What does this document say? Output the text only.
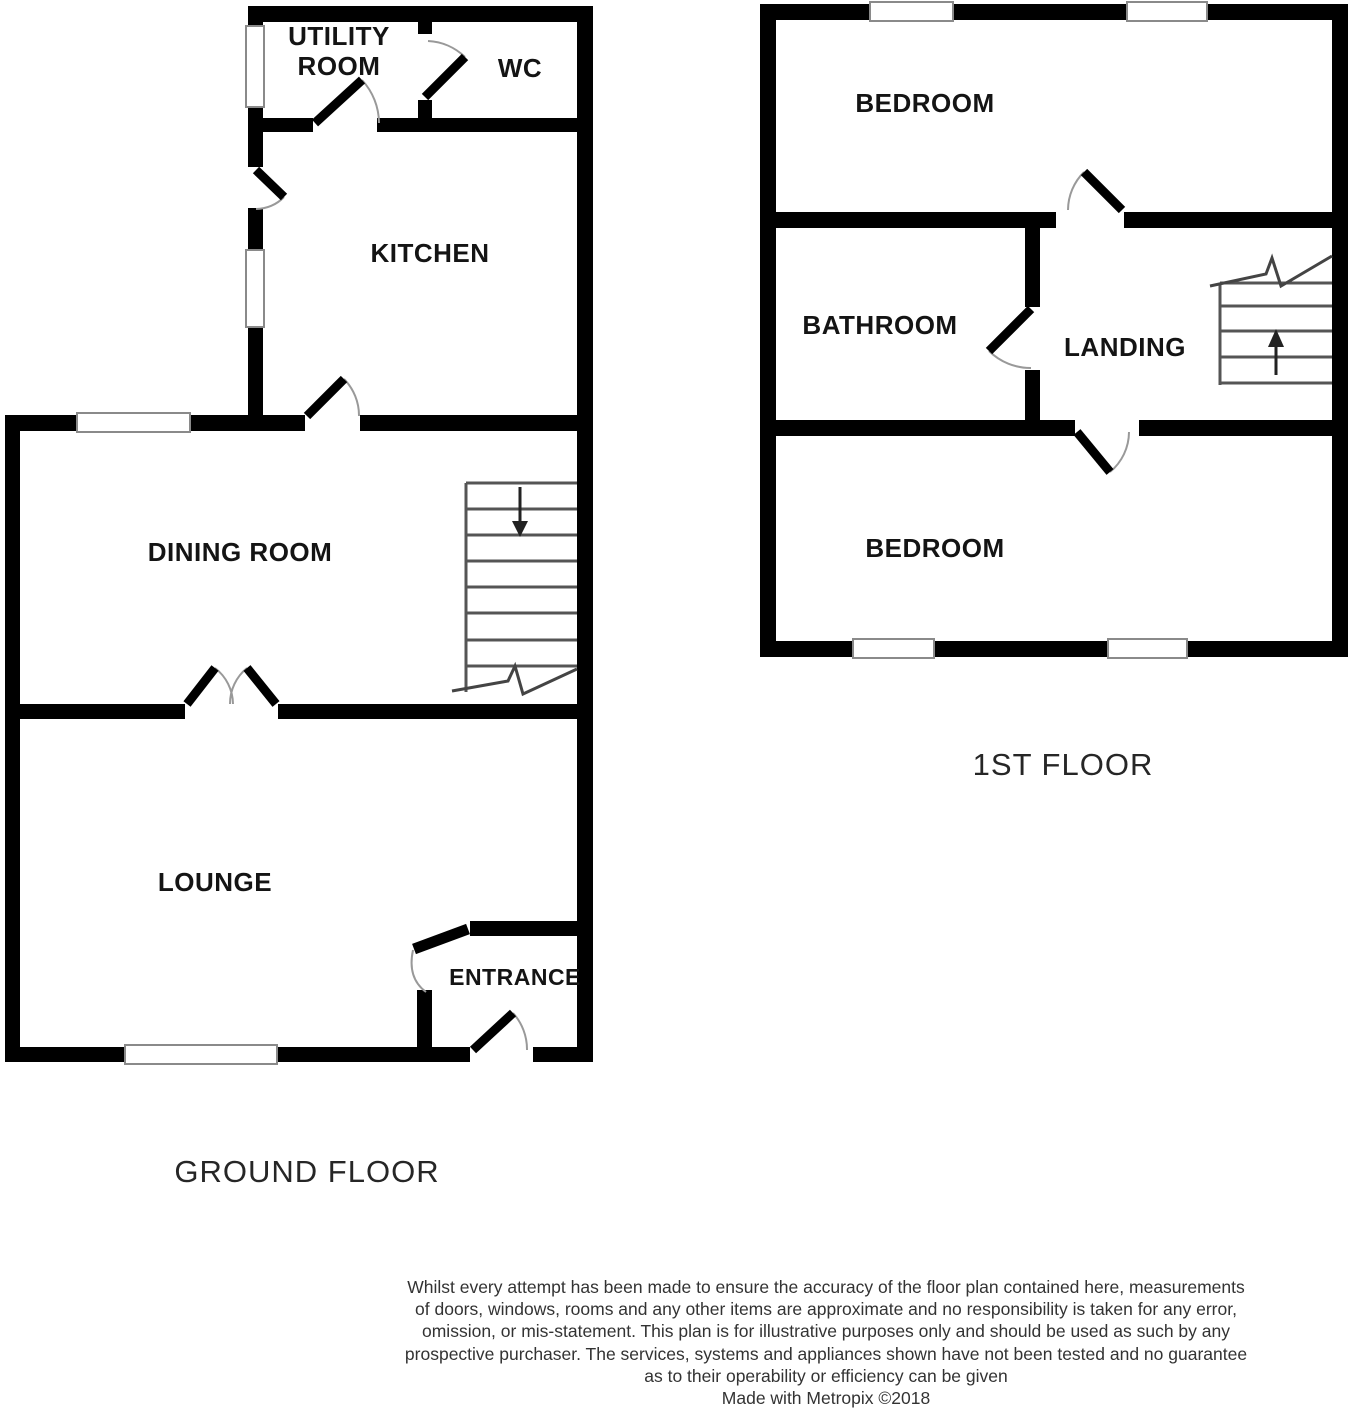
UTILITY ROOM	WC
KITCHEN
DINING ROOM
LOUNGE
ENTRANCE
BEDROOM
BATHROOM
LANDING
BEDROOM
GROUND FLOOR
1ST FLOOR
Whilst every attempt has been made to ensure the accuracy of the floor plan contained here, measurements
of doors, windows, rooms and any other items are approximate and no responsibility is taken for any error,
omission, or mis-statement. This plan is for illustrative purposes only and should be used as such by any
prospective purchaser. The services, systems and appliances shown have not been tested and no guarantee
as to their operability or efficiency can be given
Made with Metropix ©2018
